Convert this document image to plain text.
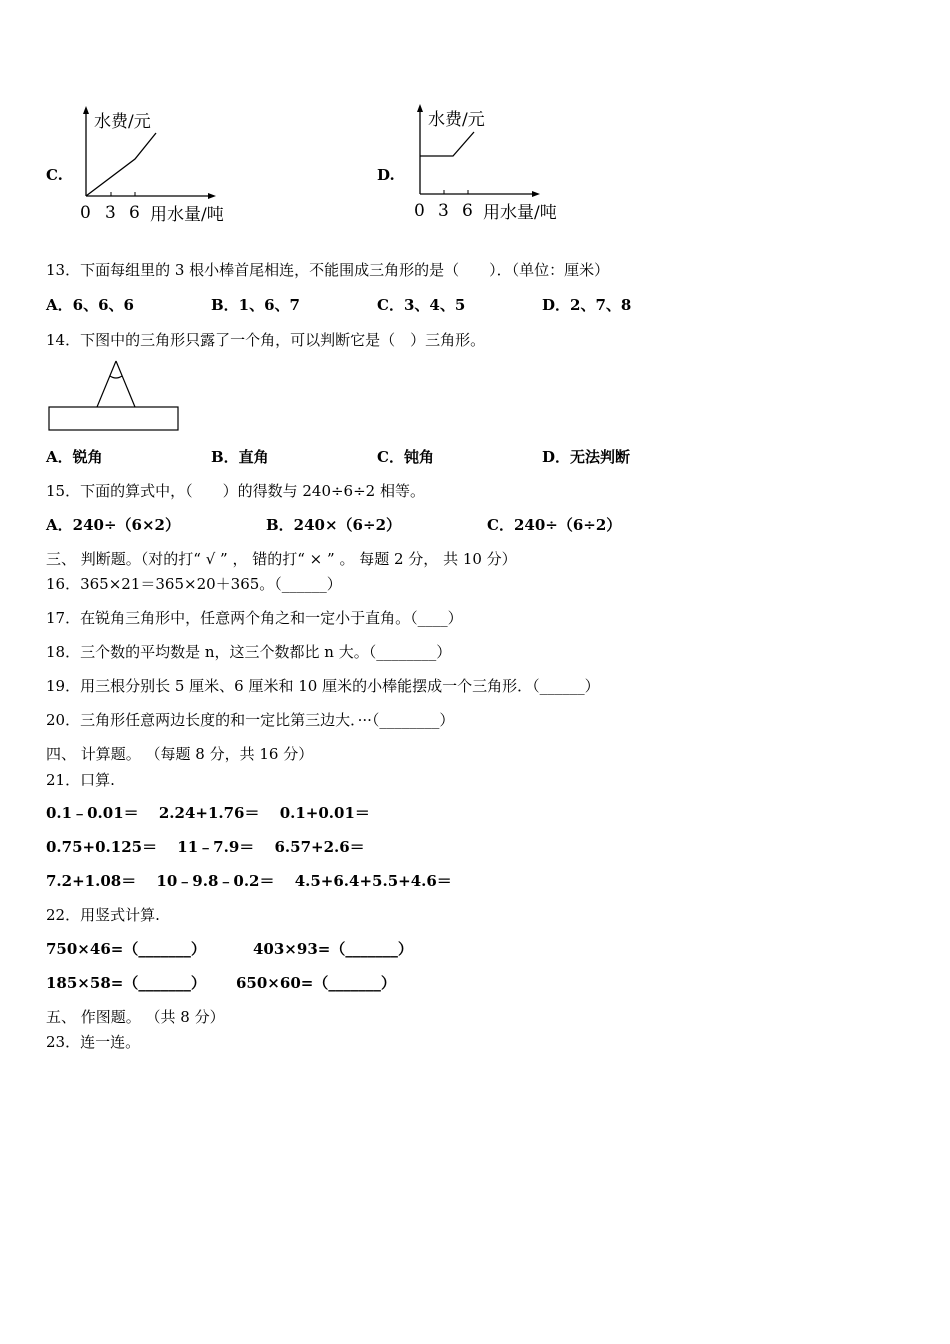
C.
水费/元
0 3 6 用水量/吨
D.
水费/元
0 3 6 用水量/吨
13．下面每组里的 3 根小棒首尾相连，不能围成三角形的是（　　）．（单位：厘米）
A．6、6、6	B．1、6、7	C．3、4、5	D．2、7、8
14．下图中的三角形只露了一个角，可以判断它是（　）三角形。
A．锐角	B．直角	C．钝角	D．无法判断
15．下面的算式中，（　　）的得数与 240÷6÷2 相等。
A．240÷（6×2）	B．240×（6÷2）	C．240÷（6÷2）
三、 判断题。（对的打“ √ ” ， 错的打“ × ” 。 每题 2 分， 共 10 分）
16．365×21＝365×20＋365。（______）
17．在锐角三角形中，任意两个角之和一定小于直角。（____）
18．三个数的平均数是 n，这三个数都比 n 大。（________）
19．用三根分别长 5 厘米、6 厘米和 10 厘米的小棒能摆成一个三角形．（______）
20．三角形任意两边长度的和一定比第三边大．···（________）
四、 计算题。 （每题 8 分，共 16 分）
21．口算.
0.1﹣0.01＝　 2.24+1.76＝　 0.1+0.01＝
0.75+0.125＝　 11﹣7.9＝　 6.57+2.6＝
7.2+1.08＝　 10﹣9.8﹣0.2＝　 4.5+6.4+5.5+4.6＝
22．用竖式计算.
750×46=（_______）	403×93=（_______）
185×58=（_______） 650×60=（_______）
五、 作图题。 （共 8 分）
23．连一连。
